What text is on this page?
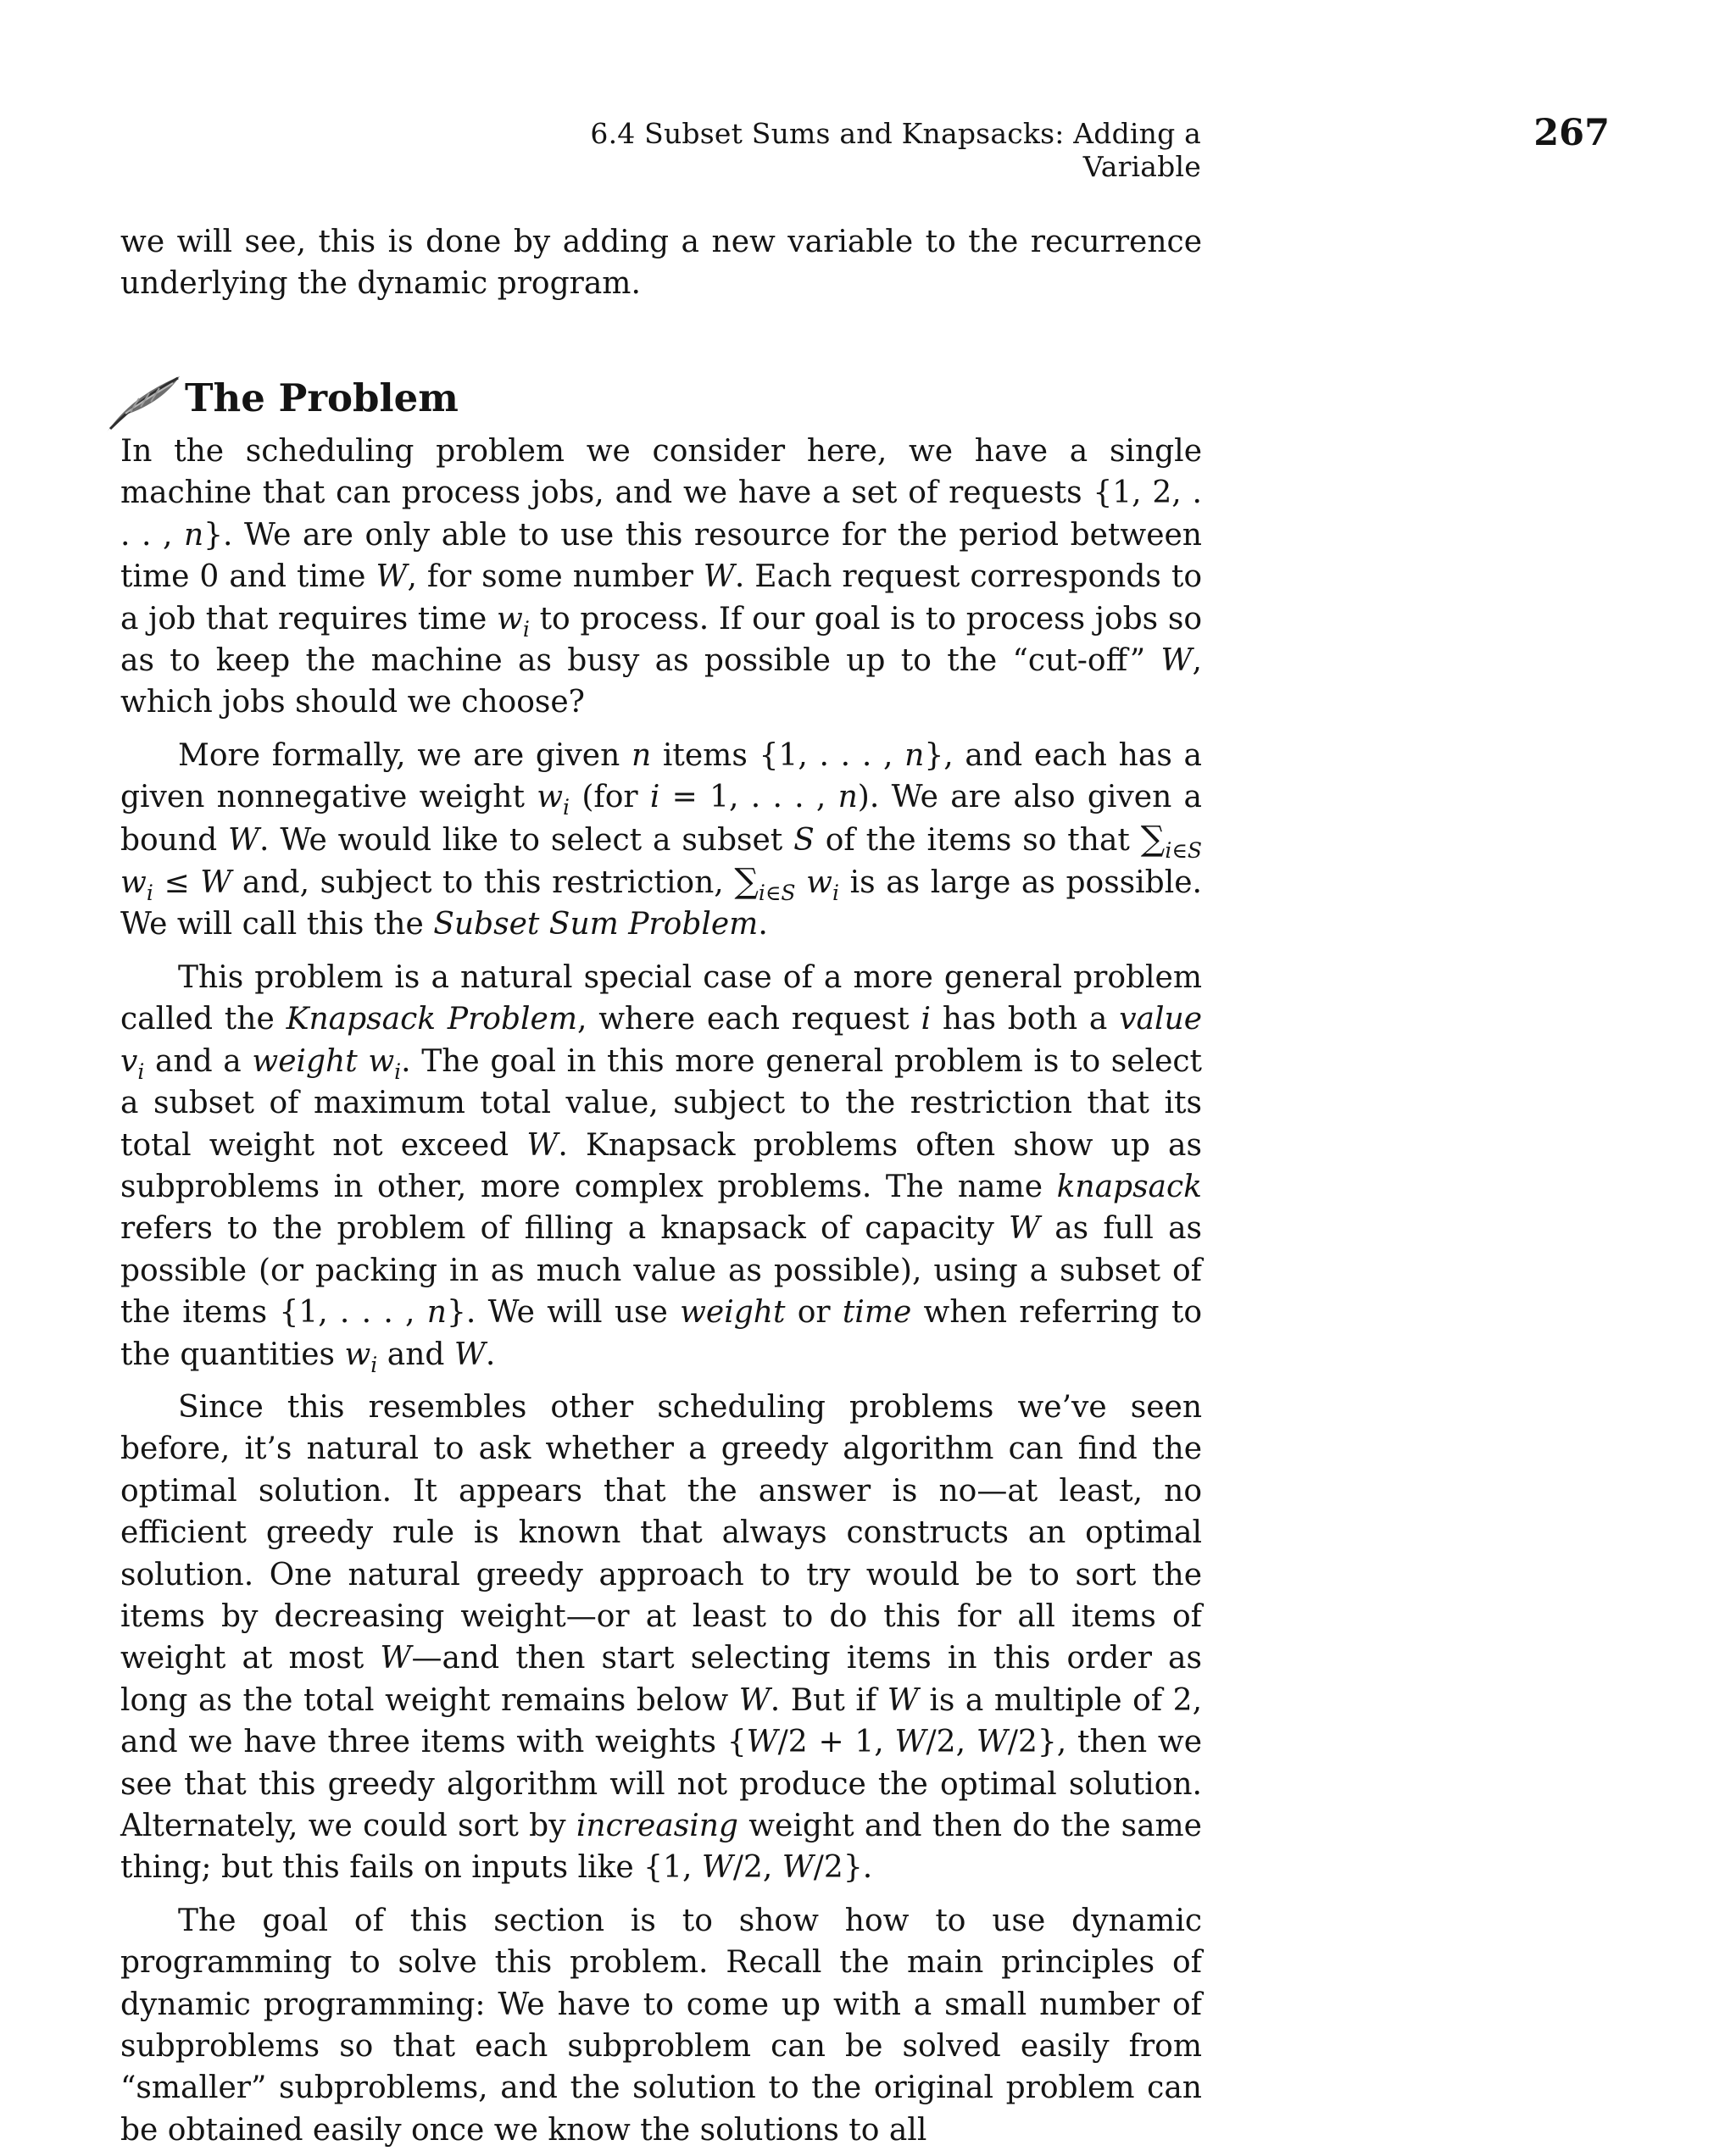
6.4 Subset Sums and Knapsacks: Adding a Variable
267

we will see, this is done by adding a new variable to the recurrence underlying the dynamic program.

The Problem

In the scheduling problem we consider here, we have a single machine that can process jobs, and we have a set of requests {1, 2, . . . , n}. We are only able to use this resource for the period between time 0 and time W, for some number W. Each request corresponds to a job that requires time $w_i$ to process. If our goal is to process jobs so as to keep the machine as busy as possible up to the “cut-off” W, which jobs should we choose?

More formally, we are given n items {1, . . . , n}, and each has a given nonnegative weight $w_i$ (for i = 1, . . . , n). We are also given a bound W. We would like to select a subset S of the items so that $\sum_{i\in S}$ $w_i \le W$ and, subject to this restriction, $\sum_{i\in S}$ $w_i$ is as large as possible. We will call this the Subset Sum Problem.

This problem is a natural special case of a more general problem called the Knapsack Problem, where each request i has both a value $v_i$ and a weight $w_i$. The goal in this more general problem is to select a subset of maximum total value, subject to the restriction that its total weight not exceed W. Knapsack problems often show up as subproblems in other, more complex problems. The name knapsack refers to the problem of filling a knapsack of capacity W as full as possible (or packing in as much value as possible), using a subset of the items {1, . . . , n}. We will use weight or time when referring to the quantities $w_i$ and W.

Since this resembles other scheduling problems we’ve seen before, it’s natural to ask whether a greedy algorithm can find the optimal solution. It appears that the answer is no—at least, no efficient greedy rule is known that always constructs an optimal solution. One natural greedy approach to try would be to sort the items by decreasing weight—or at least to do this for all items of weight at most W—and then start selecting items in this order as long as the total weight remains below W. But if W is a multiple of 2, and we have three items with weights {W/2 + 1, W/2, W/2}, then we see that this greedy algorithm will not produce the optimal solution. Alternately, we could sort by increasing weight and then do the same thing; but this fails on inputs like {1, W/2, W/2}.

The goal of this section is to show how to use dynamic programming to solve this problem. Recall the main principles of dynamic programming: We have to come up with a small number of subproblems so that each subproblem can be solved easily from “smaller” subproblems, and the solution to the original problem can be obtained easily once we know the solutions to all
